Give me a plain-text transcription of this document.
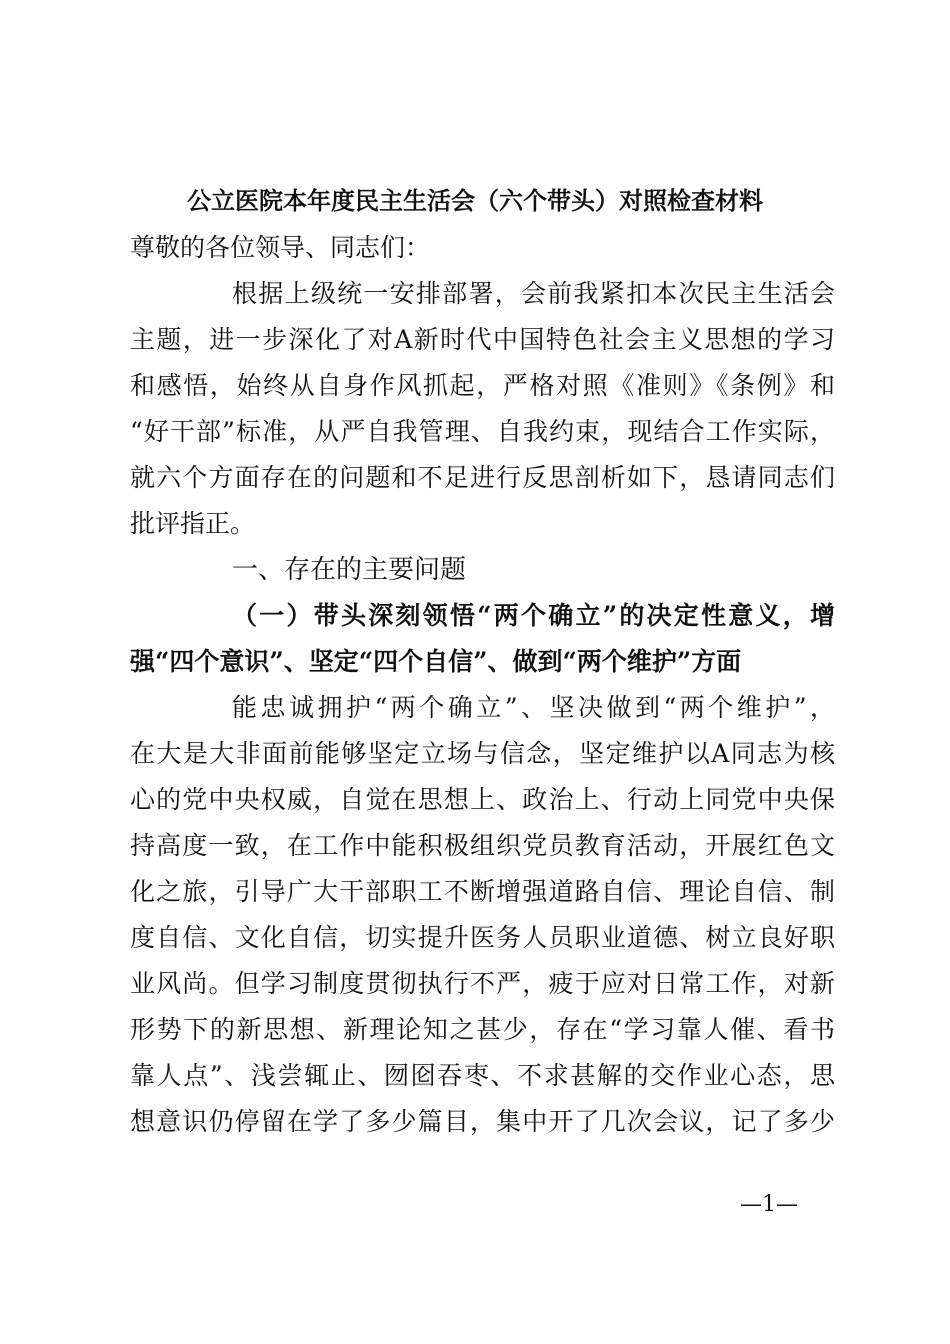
公立医院本年度民主生活会（六个带头）对照检查材料
尊敬的各位领导、同志们：
根据上级统一安排部署，会前我紧扣本次民主生活会
主题，进一步深化了对A新时代中国特色社会主义思想的学习
和感悟，始终从自身作风抓起，严格对照《准则》《条例》和
“好干部”标准，从严自我管理、自我约束，现结合工作实际，
就六个方面存在的问题和不足进行反思剖析如下，恳请同志们
批评指正。
一、存在的主要问题
（一）带头深刻领悟“两个确立”的决定性意义，增
强“四个意识”、坚定“四个自信”、做到“两个维护”方面
能忠诚拥护“两个确立”、坚决做到“两个维护”，
在大是大非面前能够坚定立场与信念，坚定维护以A同志为核
心的党中央权威，自觉在思想上、政治上、行动上同党中央保
持高度一致，在工作中能积极组织党员教育活动，开展红色文
化之旅，引导广大干部职工不断增强道路自信、理论自信、制
度自信、文化自信，切实提升医务人员职业道德、树立良好职
业风尚。但学习制度贯彻执行不严，疲于应对日常工作，对新
形势下的新思想、新理论知之甚少，存在“学习靠人催、看书
靠人点”、浅尝辄止、囫囵吞枣、不求甚解的交作业心态，思
想意识仍停留在学了多少篇目，集中开了几次会议，记了多少
—1—
